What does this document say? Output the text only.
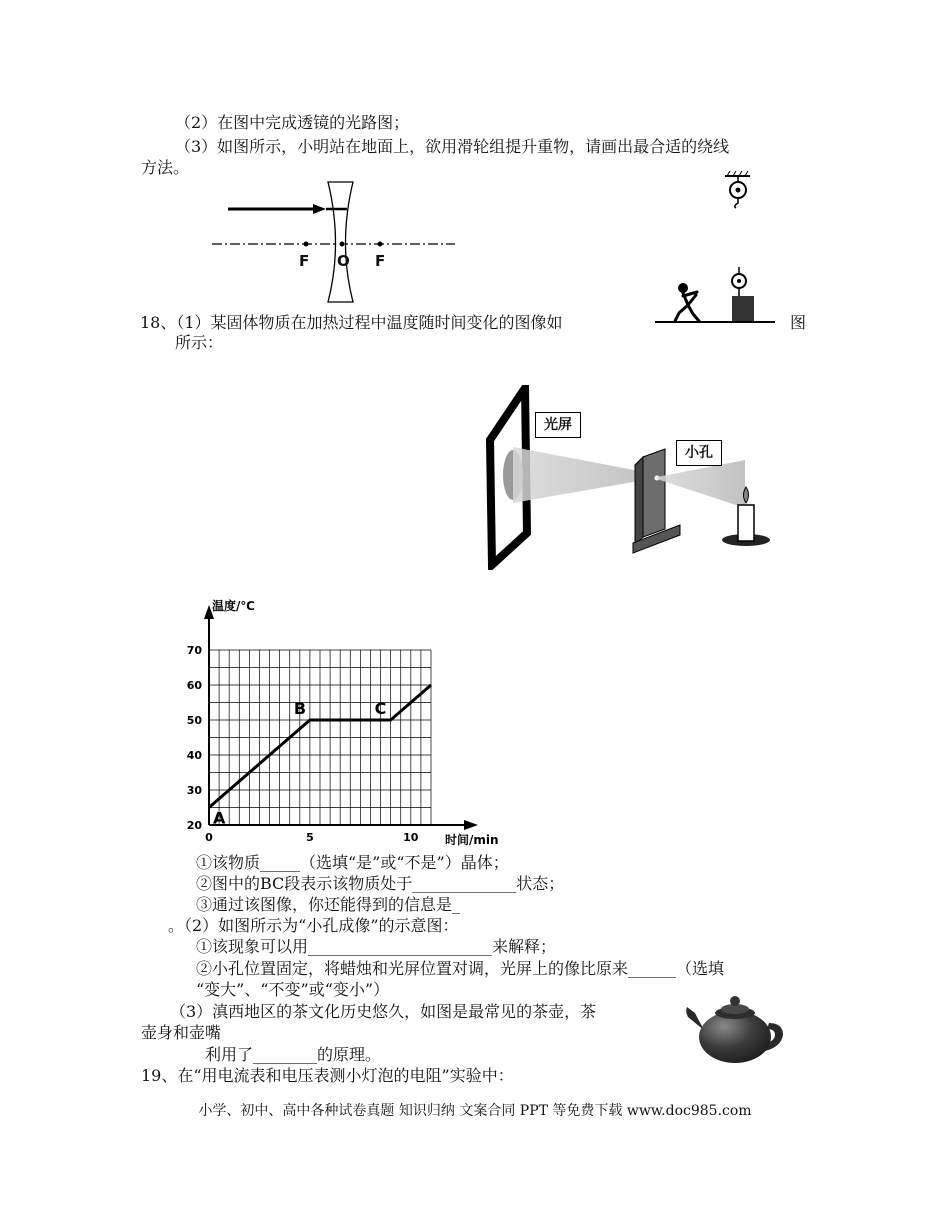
（2）在图中完成透镜的光路图；
（3）如图所示，小明站在地面上，欲用滑轮组提升重物，请画出最合适的绕线
方法。
F O F
18、（1）某固体物质在加热过程中温度随时间变化的图像如	图
所示：
光屏
小孔
20
30
40
50
60
70
0	5	10
A
B	C
温度/℃
时间/min
①该物质_____（选填“是”或“不是”）晶体；
②图中的BC段表示该物质处于_____________状态；
③通过该图像，你还能得到的信息是_
。（2）如图所示为“小孔成像”的示意图：
①该现象可以用_______________________来解释；
②小孔位置固定，将蜡烛和光屏位置对调，光屏上的像比原来______（选填
“变大”、“不变”或“变小”）
（3）滇西地区的茶文化历史悠久，如图是最常见的茶壶，茶
壶身和壶嘴
利用了________的原理。
19、在“用电流表和电压表测小灯泡的电阻”实验中：
小学、初中、高中各种试卷真题 知识归纳 文案合同 PPT 等免费下载 www.doc985.com
